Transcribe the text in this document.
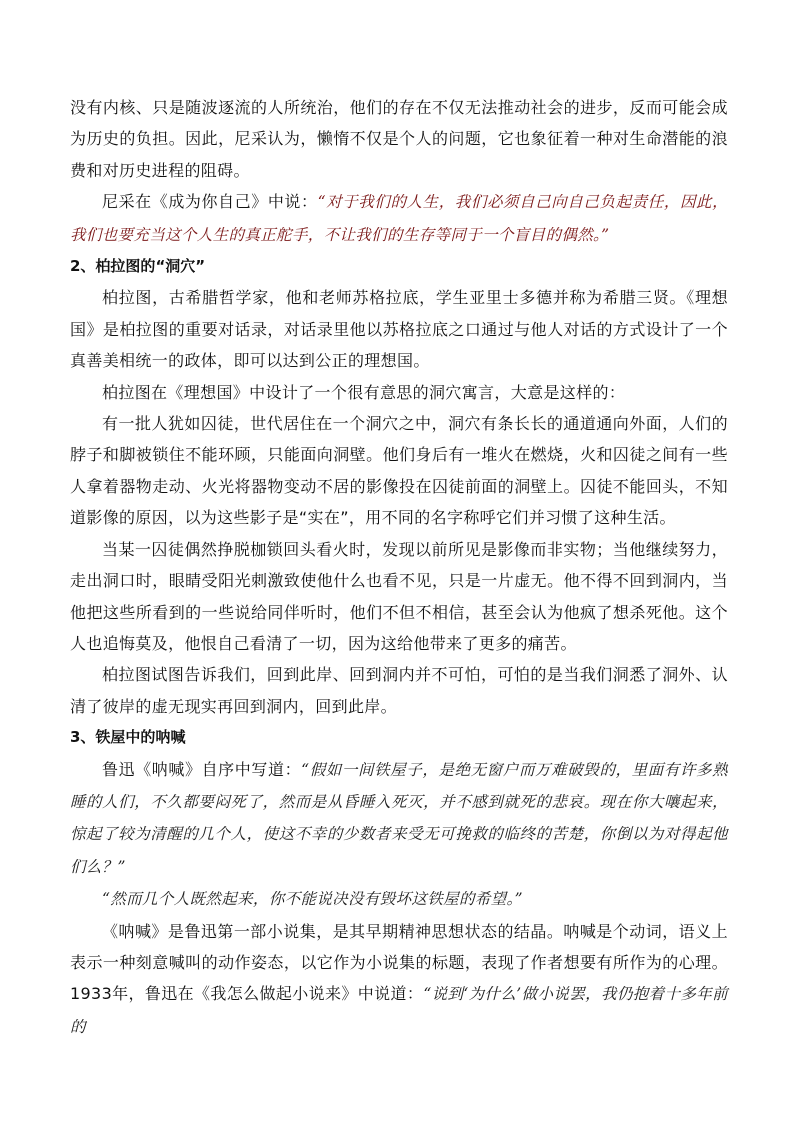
没有内核、只是随波逐流的人所统治，他们的存在不仅无法推动社会的进步，反而可能会成为历史的负担。因此，尼采认为，懒惰不仅是个人的问题，它也象征着一种对生命潜能的浪费和对历史进程的阻碍。

尼采在《成为你自己》中说：“对于我们的人生，我们必须自己向自己负起责任，因此，我们也要充当这个人生的真正舵手，不让我们的生存等同于一个盲目的偶然。”

2、柏拉图的“洞穴”

柏拉图，古希腊哲学家，他和老师苏格拉底，学生亚里士多德并称为希腊三贤。《理想国》是柏拉图的重要对话录，对话录里他以苏格拉底之口通过与他人对话的方式设计了一个真善美相统一的政体，即可以达到公正的理想国。

柏拉图在《理想国》中设计了一个很有意思的洞穴寓言，大意是这样的：

有一批人犹如囚徒，世代居住在一个洞穴之中，洞穴有条长长的通道通向外面，人们的脖子和脚被锁住不能环顾，只能面向洞壁。他们身后有一堆火在燃烧，火和囚徒之间有一些人拿着器物走动、火光将器物变动不居的影像投在囚徒前面的洞壁上。囚徒不能回头，不知道影像的原因，以为这些影子是“实在”，用不同的名字称呼它们并习惯了这种生活。

当某一囚徒偶然挣脱枷锁回头看火时，发现以前所见是影像而非实物；当他继续努力，走出洞口时，眼睛受阳光刺激致使他什么也看不见，只是一片虚无。他不得不回到洞内，当他把这些所看到的一些说给同伴听时，他们不但不相信，甚至会认为他疯了想杀死他。这个人也追悔莫及，他恨自己看清了一切，因为这给他带来了更多的痛苦。

柏拉图试图告诉我们，回到此岸、回到洞内并不可怕，可怕的是当我们洞悉了洞外、认清了彼岸的虚无现实再回到洞内，回到此岸。

3、铁屋中的呐喊

鲁迅《呐喊》自序中写道：“假如一间铁屋子，是绝无窗户而万难破毁的，里面有许多熟睡的人们，不久都要闷死了，然而是从昏睡入死灭，并不感到就死的悲哀。现在你大嚷起来，惊起了较为清醒的几个人，使这不幸的少数者来受无可挽救的临终的苦楚，你倒以为对得起他们么？”

“然而几个人既然起来，你不能说决没有毁坏这铁屋的希望。”

《呐喊》是鲁迅第一部小说集，是其早期精神思想状态的结晶。呐喊是个动词，语义上表示一种刻意喊叫的动作姿态，以它作为小说集的标题，表现了作者想要有所作为的心理。1933年，鲁迅在《我怎么做起小说来》中说道：“说到‘为什么’做小说罢，我仍抱着十多年前的
